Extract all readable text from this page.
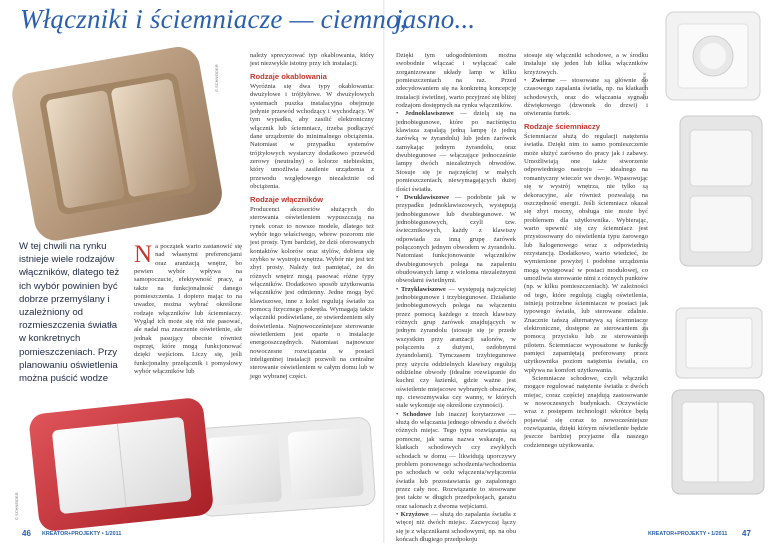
Włączniki i ściemniacze — ciemno,
jasno...
© SCHNEIDER
W tej chwili na rynku istnieje wiele rodzajów włączników, dlatego też ich wybór powinien być dobrze przemyślany i uzależniony od rozmieszczenia światła w konkretnych pomieszczeniach. Przy planowaniu oświetlenia można puścić wodze
N a początek warto zastanowić się nad własnymi preferencjami oraz aranżacją wnętrz, bo pewien wybór wpływa na samopoczucie, efektywność pracy, a także na funkcjonalność danego pomieszczenia. I dopiero mając to na uwadze, można wybrać określone rodzaje włączników lub ściemniaczy. Wygląd ich może się róż nie pasować, ale nadal ma znaczenie oświetlenie, ale jednak pasujący obecnie również osprzęt, które mogą funkcjonować dzięki wejściom. Liczy się, jeśli funkcjonalny przełącznik i pomysłowy wybór włączników lub

należy sprecyzować typ okablowania, który jest niezwykle istotny przy ich instalacji.

Rodzaje okablowania

Wyróżnia się dwa typy okablowania: dwużyłowe i trójżyłowe. W dwużyłowych systemach puszka instalacyjna obejmuje jedynie przewód wchodzący i wychodzący. W tym wypadku, aby zasilić elektroniczny włącznik lub ściemniacz, trzeba podłączyć dane urządzenie do minimalnego obciążenia. Natomiast w przypadku systemów trójżyłowych wystarczy dodatkowo przewód zerowy (neutralny) o kolorze niebieskim, który umożliwia zasilenie urządzenia z przewodu względowego niezależnie od obciążenia.

Rodzaje włączników

Producenci akcesoriów służących do sterowania oświetleniem wypuszczają na rynek coraz to nowsze modele, dlatego też wybór tego właściwego, wbrew pozorom nie jest prosty. Tym bardziej, że dziś oferowanych kontaktów kolorów oraz stylów, dobiera się szybko w wystroju wnętrza. Wybór nie jest też zbyt prosty. Należy też pamiętać, że do różnych wnętrz mogą pasować różne typy włączników. Dodatkowo sposób użytkowania włączników jest odmienny. Jedne mogą być klawiszowe, inne z kolei regulują światło za pomocą fizycznego pokrętła. Wymagają także włączniki podświetlane, ze stwierdzeniem siły doświetlenia. Najnowocześniejsze sterowanie oświetleniem jest oparte o instalacje energooszczędnych. Natomiast najnowsze nowoczesne rozwiązania w postaci inteligentnej instalacji pozwoli na centralne sterowanie oświetleniem w całym domu lub w jego wybranej części.

© SCHNEIDER
46 KREATOR+PROJEKTY • 1/2011

Dzięki tym udogodnieniom można swobodnie włączać i wyłączać całe zorganizowane układy lamp w kilku pomieszczeniach na raz. Przed zdecydowaniem się na konkretną koncepcję instalacji świetlnej, warto przyjrzeć się bliżej rodzajom dostępnych na rynku włączników.

• Jednoklawiszowe — dzielą się na jednobiegunowe, które po naciśnięciu klawisza zapalają jedną lampę (z jedną żarówką w żyrandolu) lub jeden żarówek zamykając jednym żyrandolu, oraz dwubiegunowe — włączające jednocześnie lampy dwóch niezależnych obwodów. Stosuje się je najczęściej w małych pomieszczeniach, niewymagających dużej ilości światła.
• Dwuklawiszowe — podobnie jak w przypadku jednoklawiszowych, występują jednobiegunowe lub dwubiegunowe. W jednobiegunowych, czyli tzw. świecznikowych, każdy z klawiszy odpowiada za inną grupę żarówek połączonych jednym obwodem w żyrandolu. Natomiast funkcjonowanie włączników dwubiegunowych polega na zapaleniu obudowanych lamp z wieloma niezależnymi obwodami świetlnymi.
• Trzyklawiszowe — występują najczęściej jednobiegunowe i trzybiegunowe. Działanie jednobiegunowych polega na włączeniu przez pomocą każdego z trzech klawiszy różnych grup żarówek znajdujących w jednym żyrandolu (stosuje się je przede wszystkim przy aranżacji salonów, w połączeniu z dużymi, ozdobnymi żyrandolami). Tymczasem trzybiegunowe przy użyciu oddzielnych klawiszy regulują oddzielne obwody (idealne rozwiązanie do kuchni czy łazienki, gdzie ważne jest oświetlenie miejscowe wybranych obszarów, np. ciewozmywaka czy wanny, w których stale wykonuje się określone czynności).
• Schodowe lub inaczej korytarzowe — służą do włączania jednego obwodu z dwóch różnych miejsc. Tego typu rozwiązania są pomocne, jak sama nazwa wskazuje, na klatkach schodowych czy zwykłych schodach w domu — likwidują uporczywy problem ponownego schodzenia/wchodzenia po schodach w celu włączenia/wyłączenia światła lub pozostawiania go zapalonego przez cały noc. Rozwiązanie to stosowane jest także w długich przedpokojach, garażu oraz salonach z dwoma wejściami.
• Krzyżowe — służą do zapalania światła z więcej niż dwóch miejsc. Zazwyczaj łączy się je z włącznikami schodowymi, np. na obu końcach długiego przedpokoju
© SCHNEIDER

stosuje się włączniki schodowe, a w środku instaluje się jeden lub kilka włączników krzyżowych.

• Zwierne — stosowane są głównie do czasowego zapalania światła, np. na klatkach schodowych, oraz do włączania sygnału dźwiękowego (dzwonek do drzwi) i otwierania furtek.

Rodzaje ściemniaczy

Ściemniacze służą do regulacji natężenia światła. Dzięki nim to samo pomieszczenie może służyć zarówno do pracy jak i zabawy. Umożliwiają one także stworzenie odpowiedniego nastroju — idealnego na romantyczny wieczór we dwoje. Wpasowując się w wystrój wnętrza, nie tylko są dekoracyjne, ale również pozwalają na oszczędność energii. Jeśli ściemniacz okazał się zbyt mocny, obsługa nie może być problemem dla użytkownika. Wybierając, warto upewnić się czy ściemniacz jest przystosowany do oświetlenia typu żarowego lub halogenowego wraz z odpowiednią rezystancją. Dodatkowo, warto wiedzieć, że wymienione powyżej i podobne urządzenia mogą występować w postaci modułowej, co umożliwia sterowanie nimi z różnych punktów (np. w kilku pomieszczeniach). W zależności od tego, które regulują ciągłą oświetlenia, istnieją potrzebne ściemniacze w postaci jak typowego światła, lub sterowane zdalnie. Znacznie tańszą alternatywą są ściemniacze elektroniczne, dostępne ze sterowaniem za pomocą przycisku lub ze sterowaniem pilotem. Ściemniacze wyposażone w funkcję pamięci zapamiętają preferowany przez użytkownika poziom natężenia światła, co wpływa na komfort użytkowania.

Ściemniacze schodowe, czyli włączniki mogące regulować natężenie światła z dwóch miejsc, coraz częściej znajdują zastosowanie w nowoczesnych budynkach. Oczywiście wraz z postępem technologii wkrótce będą pojawiać się coraz to nowocześniejsze rozwiązania, dzięki którym oświetlenie będzie jeszcze bardziej przyjazne dla naszego codziennego użytkowania.

© SCHNEIDER
KREATOR+PROJEKTY • 1/2011 47
